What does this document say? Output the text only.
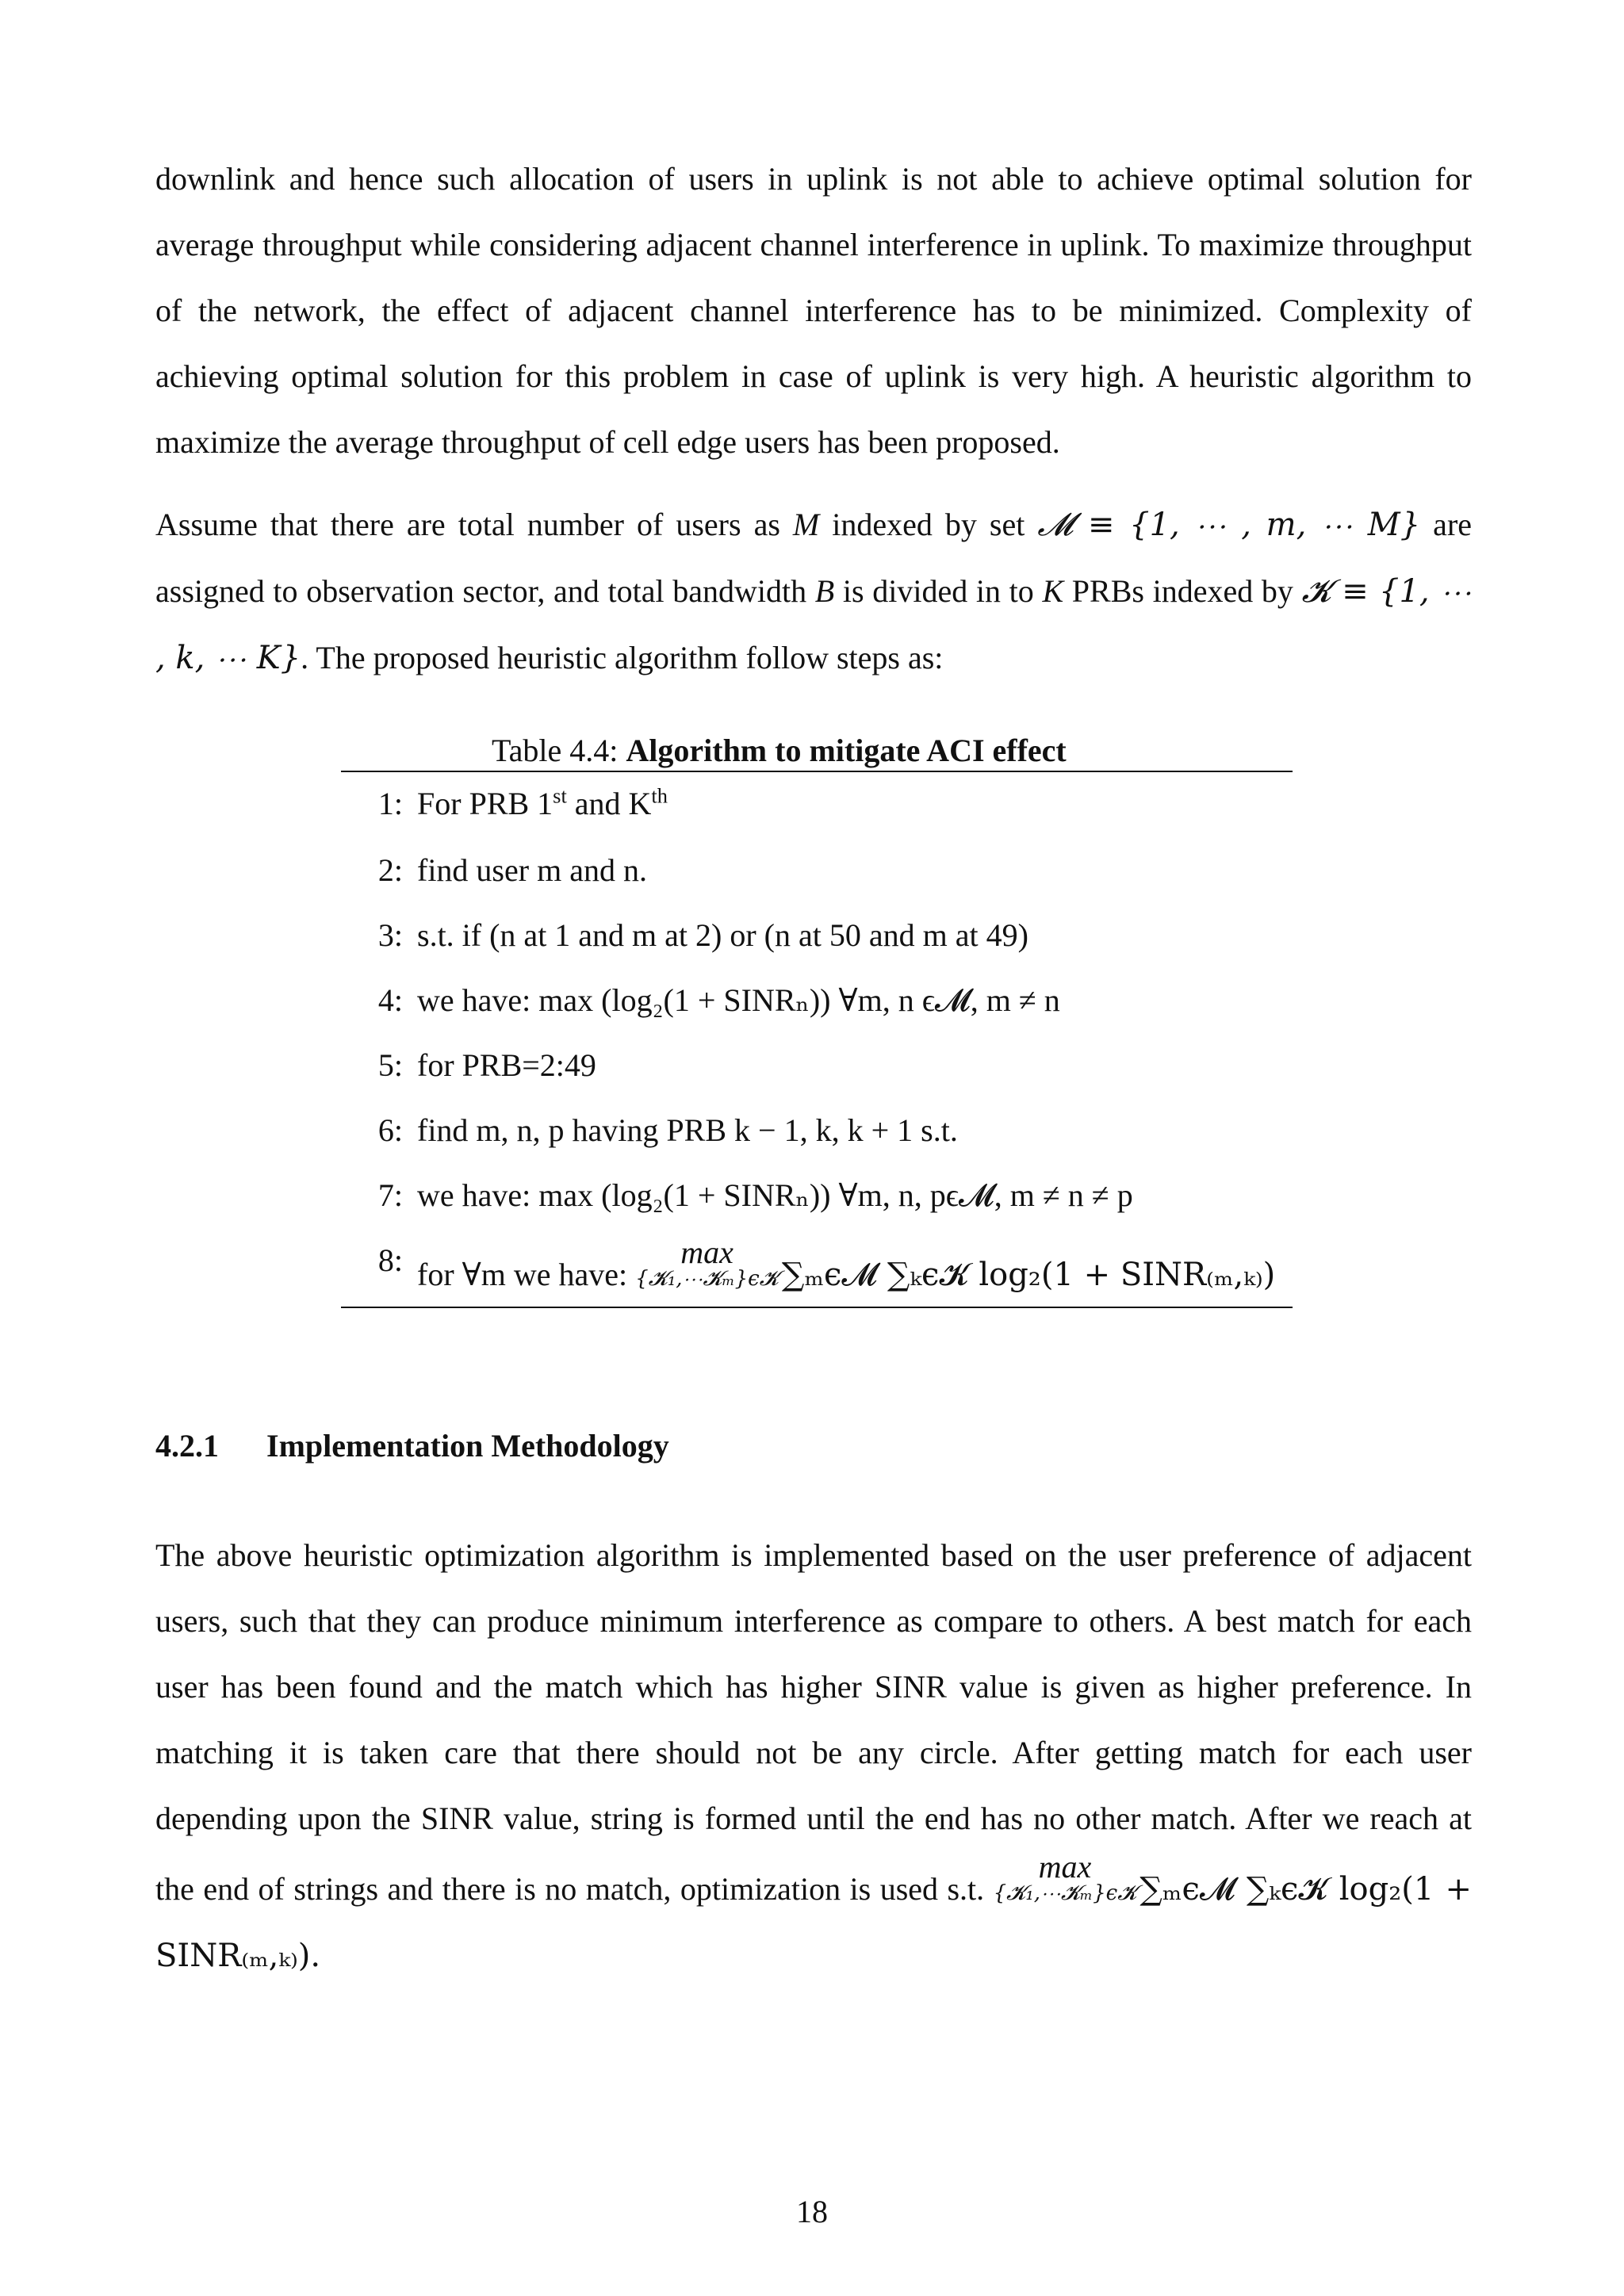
downlink and hence such allocation of users in uplink is not able to achieve optimal solution for average throughput while considering adjacent channel interference in uplink. To maximize throughput of the network, the effect of adjacent channel interference has to be minimized. Complexity of achieving optimal solution for this problem in case of uplink is very high. A heuristic algorithm to maximize the average throughput of cell edge users has been proposed.

Assume that there are total number of users as M indexed by set 𝓜 ≡ {1, ⋯ , m, ⋯ M} are assigned to observation sector, and total bandwidth B is divided in to K PRBs indexed by 𝓚 ≡ {1, ⋯ , k, ⋯ K}. The proposed heuristic algorithm follow steps as:

Table 4.4: Algorithm to mitigate ACI effect
1: For PRB 1st and $K^{th}$
2: find user m and n.
3: s.t. if (n at 1 and m at 2) or (n at 50 and m at 49)
4: we have: max (log₂(1 + SINRₙ)) ∀m, n ϵ𝓜, m ≠ n
5: for PRB=2:49
6: find m, n, p having PRB k − 1, k, k + 1 s.t.
7: we have: max (log₂(1 + SINRₙ)) ∀m, n, pϵ𝓜, m ≠ n ≠ p
8: for ∀m we have:
max
{𝓚₁,⋯𝓚ₘ}ϵ𝓚 ∑ₘϵ𝓜 ∑ₖϵ𝓚 log₂(1 + SINR₍ₘ,ₖ₎)
4.2.1 Implementation Methodology

The above heuristic optimization algorithm is implemented based on the user preference of adjacent users, such that they can produce minimum interference as compare to others. A best match for each user has been found and the match which has higher SINR value is given as higher preference. In matching it is taken care that there should not be any circle. After getting match for each user depending upon the SINR value, string is formed until the end has no other match. After we reach at the end of strings and there is no match, optimization is used s.t.
max
{𝓚₁,⋯𝓚ₘ}ϵ𝓚 ∑ₘϵ𝓜 ∑ₖϵ𝓚 log₂(1 + SINR₍ₘ,ₖ₎).

18
